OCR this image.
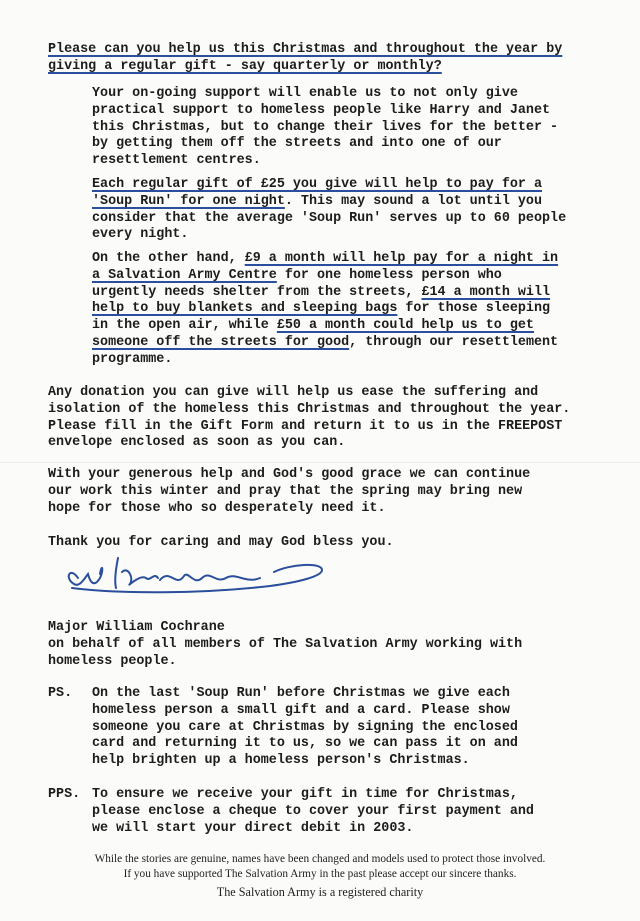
Please can you help us this Christmas and throughout the year by
giving a regular gift - say quarterly or monthly?
Your on-going support will enable us to not only give
practical support to homeless people like Harry and Janet
this Christmas, but to change their lives for the better -
by getting them off the streets and into one of our
resettlement centres.
Each regular gift of £25 you give will help to pay for a
'Soup Run' for one night. This may sound a lot until you
consider that the average 'Soup Run' serves up to 60 people
every night.
On the other hand, £9 a month will help pay for a night in
a Salvation Army Centre for one homeless person who
urgently needs shelter from the streets, £14 a month will
help to buy blankets and sleeping bags for those sleeping
in the open air, while £50 a month could help us to get
someone off the streets for good, through our resettlement
programme.
Any donation you can give will help us ease the suffering and
isolation of the homeless this Christmas and throughout the year.
Please fill in the Gift Form and return it to us in the FREEPOST
envelope enclosed as soon as you can.
With your generous help and God's good grace we can continue
our work this winter and pray that the spring may bring new
hope for those who so desperately need it.
Thank you for caring and may God bless you.
Major William Cochrane
on behalf of all members of The Salvation Army working with
homeless people.
PS. On the last 'Soup Run' before Christmas we give each
homeless person a small gift and a card. Please show
someone you care at Christmas by signing the enclosed
card and returning it to us, so we can pass it on and
help brighten up a homeless person's Christmas.
PPS. To ensure we receive your gift in time for Christmas,
please enclose a cheque to cover your first payment and
we will start your direct debit in 2003.
While the stories are genuine, names have been changed and models used to protect those involved.
If you have supported The Salvation Army in the past please accept our sincere thanks.
The Salvation Army is a registered charity
